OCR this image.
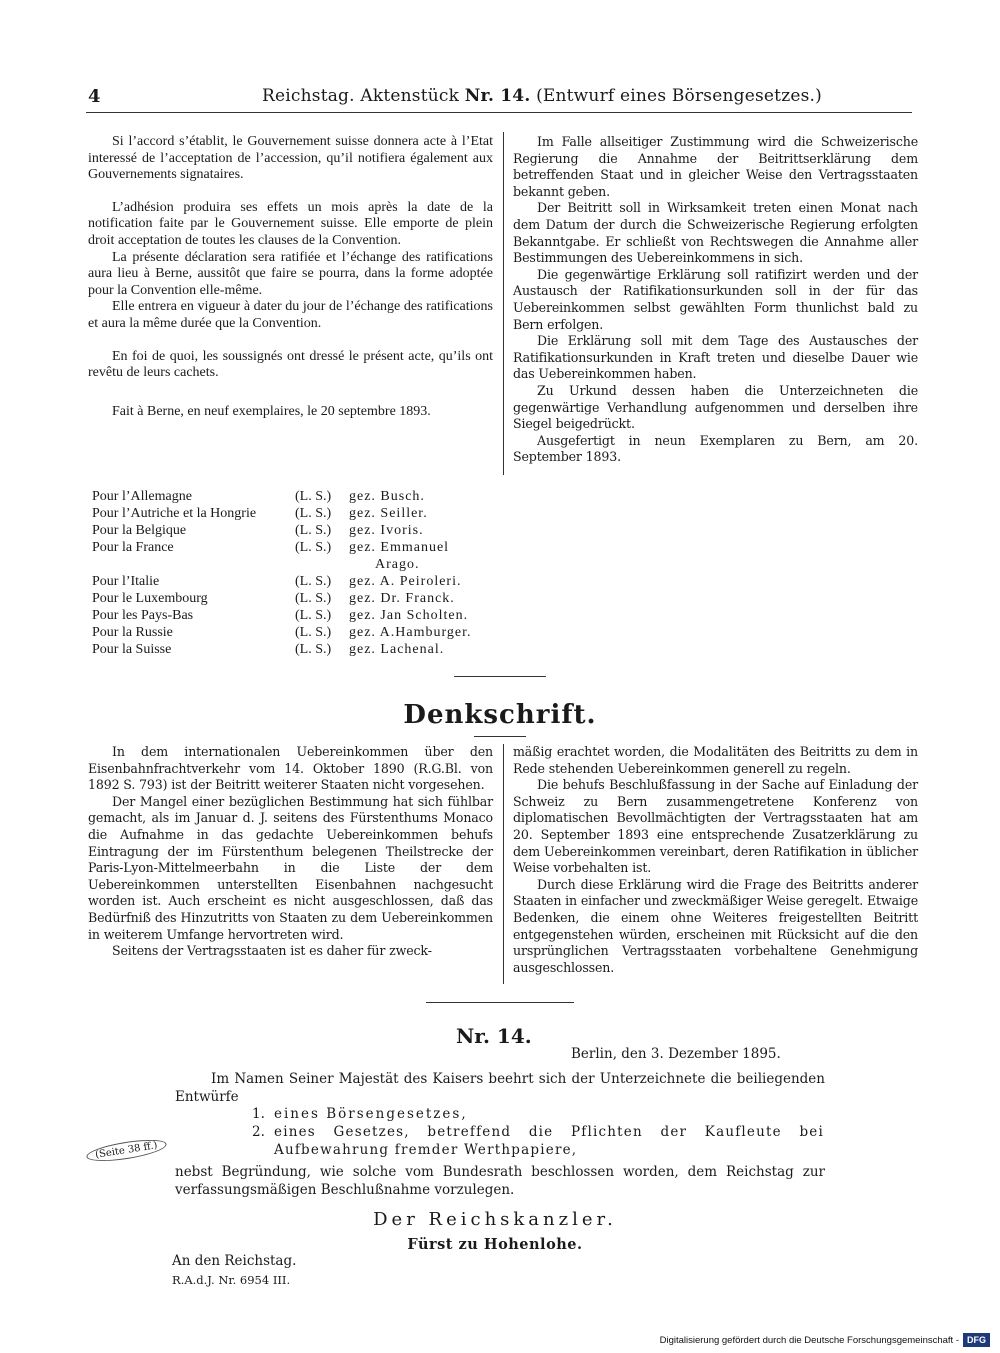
4	Reichstag. Aktenstück Nr. 14. (Entwurf eines Börsengesetzes.)

Si l’accord s’établit, le Gouvernement suisse donnera acte à l’Etat interessé de l’acceptation de l’accession, qu’il notifiera également aux Gouvernements signataires.

L’adhésion produira ses effets un mois après la date de la notification faite par le Gouvernement suisse. Elle emporte de plein droit acceptation de toutes les clauses de la Convention.

La présente déclaration sera ratifiée et l’échange des ratifications aura lieu à Berne, aussitôt que faire se pourra, dans la forme adoptée pour la Convention elle-même.

Elle entrera en vigueur à dater du jour de l’échange des ratifications et aura la même durée que la Convention.

En foi de quoi, les soussignés ont dressé le présent acte, qu’ils ont revêtu de leurs cachets.

Fait à Berne, en neuf exemplaires, le 20 septembre 1893.

Im Falle allseitiger Zustimmung wird die Schweizerische Regierung die Annahme der Beitrittserklärung dem betreffenden Staat und in gleicher Weise den Vertragsstaaten bekannt geben.

Der Beitritt soll in Wirksamkeit treten einen Monat nach dem Datum der durch die Schweizerische Regierung erfolgten Bekanntgabe. Er schließt von Rechtswegen die Annahme aller Bestimmungen des Uebereinkommens in sich.

Die gegenwärtige Erklärung soll ratifizirt werden und der Austausch der Ratifikationsurkunden soll in der für das Uebereinkommen selbst gewählten Form thunlichst bald zu Bern erfolgen.

Die Erklärung soll mit dem Tage des Austausches der Ratifikationsurkunden in Kraft treten und dieselbe Dauer wie das Uebereinkommen haben.

Zu Urkund dessen haben die Unterzeichneten die gegenwärtige Verhandlung aufgenommen und derselben ihre Siegel beigedrückt.

Ausgefertigt in neun Exemplaren zu Bern, am 20. September 1893.

Pour l’Allemagne	(L. S.)	gez. Busch.
Pour l’Autriche et la Hongrie	(L. S.)	gez. Seiller.
Pour la Belgique	(L. S.)	gez. Ivoris.
Pour la France	(L. S.)	gez. Emmanuel
Arago.
Pour l’Italie	(L. S.)	gez. A. Peiroleri.
Pour le Luxembourg	(L. S.)	gez. Dr. Franck.
Pour les Pays-Bas	(L. S.)	gez. Jan Scholten.
Pour la Russie	(L. S.)	gez. A.Hamburger.
Pour la Suisse	(L. S.)	gez. Lachenal.
Denkschrift.

In dem internationalen Uebereinkommen über den Eisenbahnfrachtverkehr vom 14. Oktober 1890 (R.G.Bl. von 1892 S. 793) ist der Beitritt weiterer Staaten nicht vorgesehen.

Der Mangel einer bezüglichen Bestimmung hat sich fühlbar gemacht, als im Januar d. J. seitens des Fürstenthums Monaco die Aufnahme in das gedachte Uebereinkommen behufs Eintragung der im Fürstenthum belegenen Theilstrecke der Paris-Lyon-Mittelmeerbahn in die Liste der dem Uebereinkommen unterstellten Eisenbahnen nachgesucht worden ist. Auch erscheint es nicht ausgeschlossen, daß das Bedürfniß des Hinzutritts von Staaten zu dem Uebereinkommen in weiterem Umfange hervortreten wird.

Seitens der Vertragsstaaten ist es daher für zweck-

mäßig erachtet worden, die Modalitäten des Beitritts zu dem in Rede stehenden Uebereinkommen generell zu regeln.

Die behufs Beschlußfassung in der Sache auf Einladung der Schweiz zu Bern zusammengetretene Konferenz von diplomatischen Bevollmächtigten der Vertragsstaaten hat am 20. September 1893 eine entsprechende Zusatzerklärung zu dem Uebereinkommen vereinbart, deren Ratifikation in üblicher Weise vorbehalten ist.

Durch diese Erklärung wird die Frage des Beitritts anderer Staaten in einfacher und zweckmäßiger Weise geregelt. Etwaige Bedenken, die einem ohne Weiteres freigestellten Beitritt entgegenstehen würden, erscheinen mit Rücksicht auf die den ursprünglichen Vertragsstaaten vorbehaltene Genehmigung ausgeschlossen.

Nr. 14.
Berlin, den 3. Dezember 1895.

Im Namen Seiner Majestät des Kaisers beehrt sich der Unterzeichnete die beiliegenden Entwürfe

1. eines Börsengesetzes,
2. eines Gesetzes, betreffend die Pflichten der Kaufleute bei Aufbewahrung fremder Werthpapiere,
(Seite 38 ff.)

nebst Begründung, wie solche vom Bundesrath beschlossen worden, dem Reichstag zur verfassungsmäßigen Beschlußnahme vorzulegen.

Der Reichskanzler.
Fürst zu Hohenlohe.
An den Reichstag.
R.A.d.J. Nr. 6954 III.
Digitalisierung gefördert durch die Deutsche Forschungsgemeinschaft - DFG
